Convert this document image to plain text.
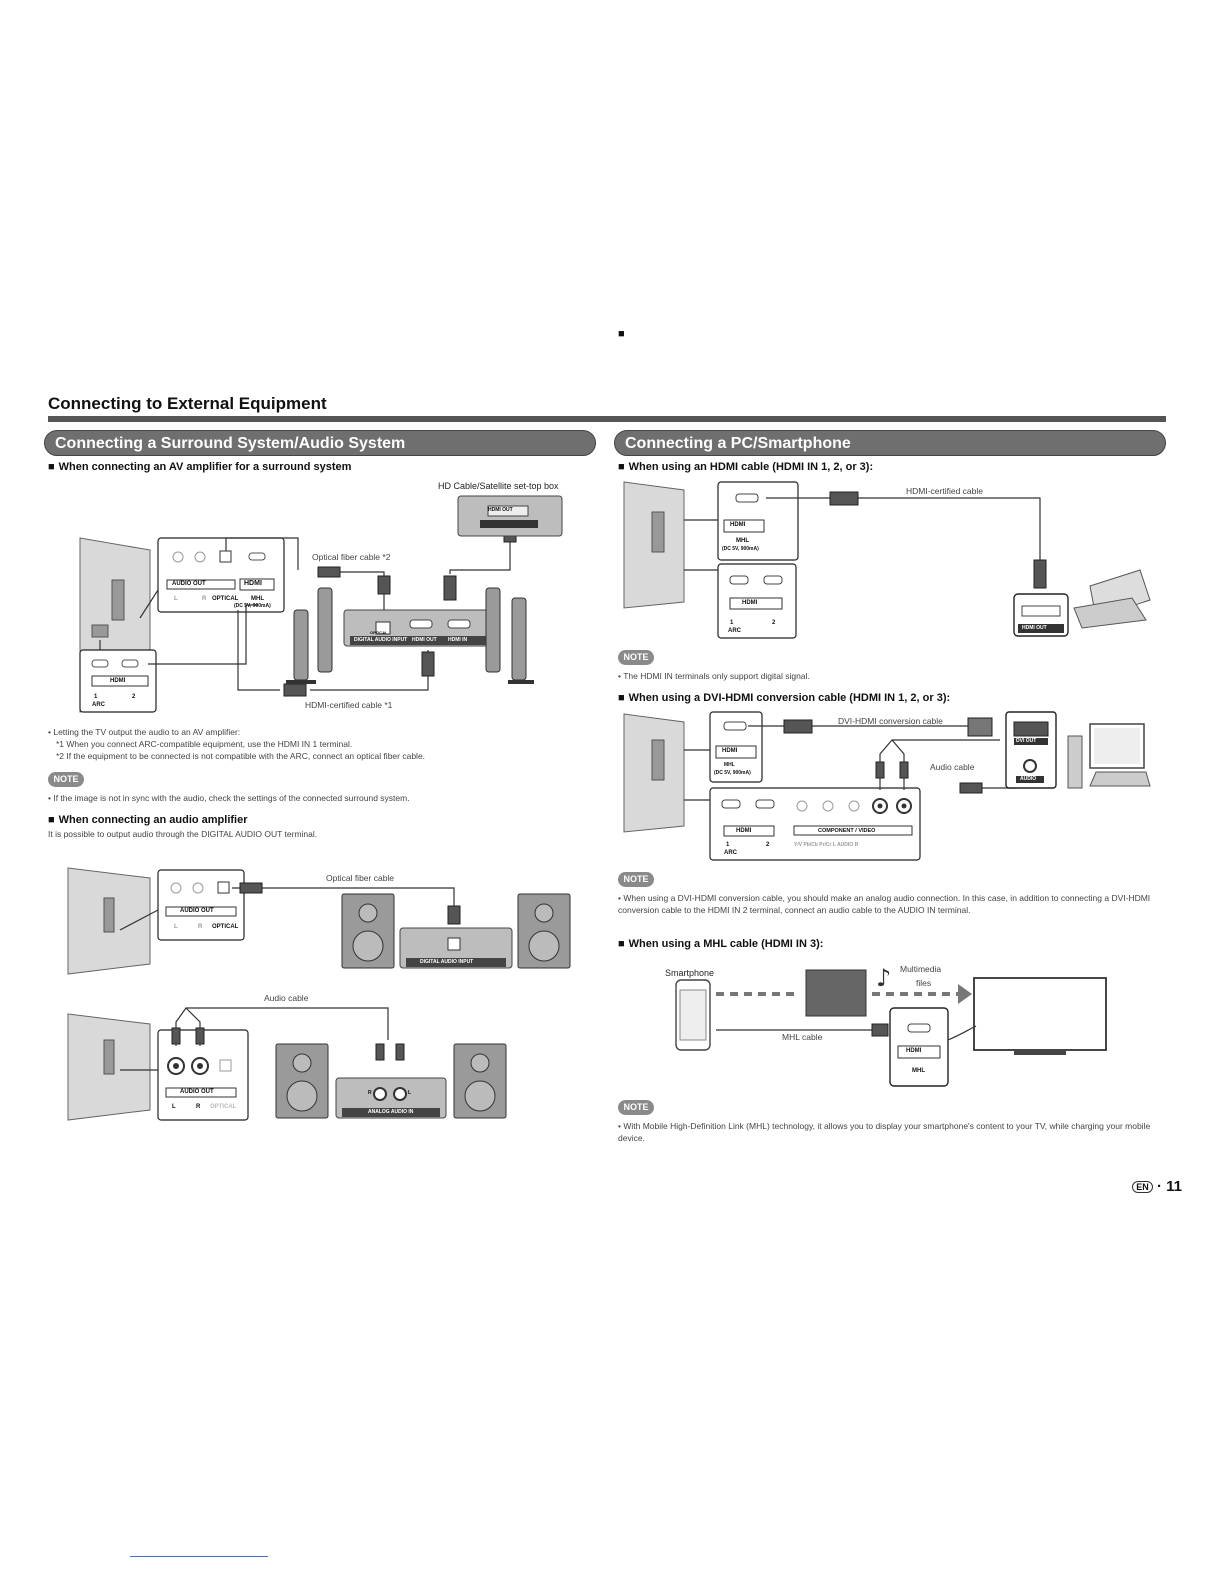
Connecting to External Equipment
Connecting a Surround System/Audio System	Connecting a PC/Smartphone
■ When connecting an AV amplifier for a surround system
HD Cable/Satellite set-top box
AUDIO OUT	HDMI
L	R OPTICAL MHL
(DC 5V, 900mA)
HDMI
1	2
ARC
HDMI OUT
DIGITAL AUDIO INPUT HDMI OUT HDMI IN
OPTICAL
Optical fiber cable *2
HDMI-certified cable *1
• Letting the TV output the audio to an AV amplifier:
*1 When you connect ARC-compatible equipment, use the HDMI IN 1 terminal.
*2 If the equipment to be connected is not compatible with the ARC, connect an optical fiber cable.
NOTE
• If the image is not in sync with the audio, check the settings of the connected surround system.
■ When connecting an audio amplifier
It is possible to output audio through the DIGITAL AUDIO OUT terminal.
Optical fiber cable
AUDIO OUT
L	R OPTICAL
DIGITAL AUDIO INPUT
Audio cable
AUDIO OUT
L	R OPTICAL
ANALOG AUDIO IN
R	L
■ When using an HDMI cable (HDMI IN 1, 2, or 3):
HDMI-certified cable
HDMI
MHL
(DC 5V, 900mA)
HDMI
1	2
ARC	HDMI OUT
NOTE
• The HDMI IN terminals only support digital signal.
■
■ When using a DVI-HDMI conversion cable (HDMI IN 1, 2, or 3):
DVI-HDMI conversion cable
Audio cable
DVI OUT
AUDIO
HDMI
MHL
(DC 5V, 900mA)
HDMI	COMPONENT / VIDEO
Y/V Pb/Cb Pr/Cr L AUDIO R
1	2
ARC
NOTE
• When using a DVI-HDMI conversion cable, you should make an analog audio connection. In this case, in addition to connecting a DVI-HDMI conversion cable to the HDMI IN 2 terminal, connect an audio cable to the AUDIO IN terminal.
■ When using a MHL cable (HDMI IN 3):
♪
Smartphone	Multimedia
files
MHL cable
HDMI
MHL
NOTE
• With Mobile High-Definition Link (MHL) technology, it allows you to display your smartphone's content to your TV, while charging your mobile device.
EN · 11
